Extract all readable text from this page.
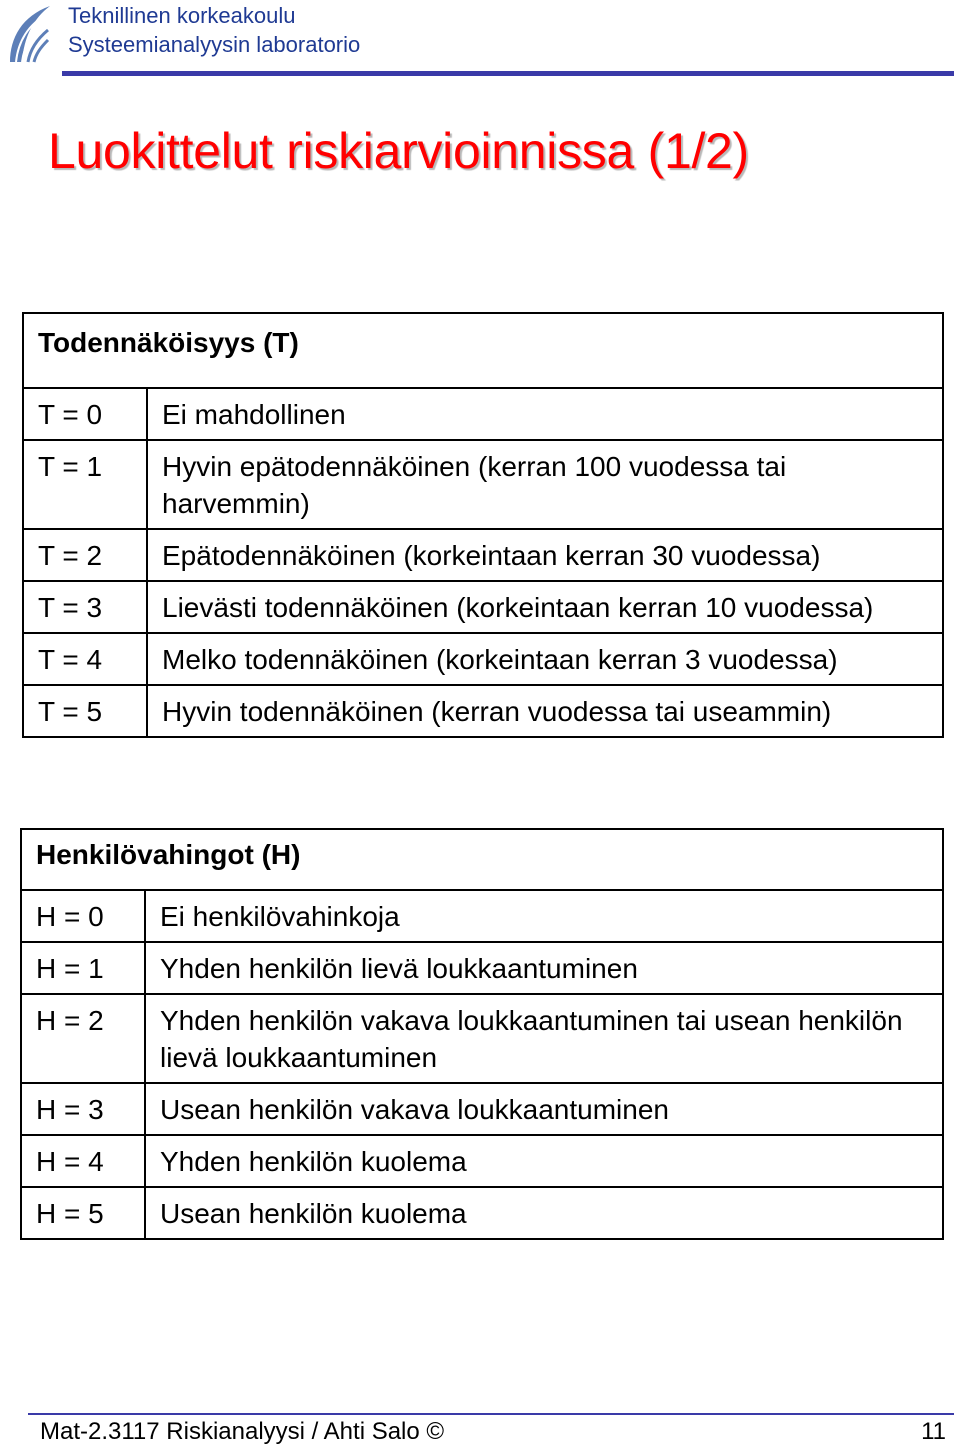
Teknillinen korkeakoulu
Systeemianalyysin laboratorio
Luokittelut riskiarvioinnissa (1/2)
Todennäköisyys (T)	
T = 0	Ei mahdollinen
T = 1	Hyvin epätodennäköinen (kerran 100 vuodessa tai harvemmin)
T = 2	Epätodennäköinen (korkeintaan kerran 30 vuodessa)
T = 3	Lievästi todennäköinen (korkeintaan kerran 10 vuodessa)
T = 4	Melko todennäköinen (korkeintaan kerran 3 vuodessa)
T = 5	Hyvin todennäköinen (kerran vuodessa tai useammin)
Henkilövahingot (H)	
H = 0	Ei henkilövahinkoja
H = 1	Yhden henkilön lievä loukkaantuminen
H = 2	Yhden henkilön vakava loukkaantuminen tai usean henkilön lievä loukkaantuminen
H = 3	Usean henkilön vakava loukkaantuminen
H = 4	Yhden henkilön kuolema
H = 5	Usean henkilön kuolema
Mat-2.3117 Riskianalyysi / Ahti Salo ©	11
